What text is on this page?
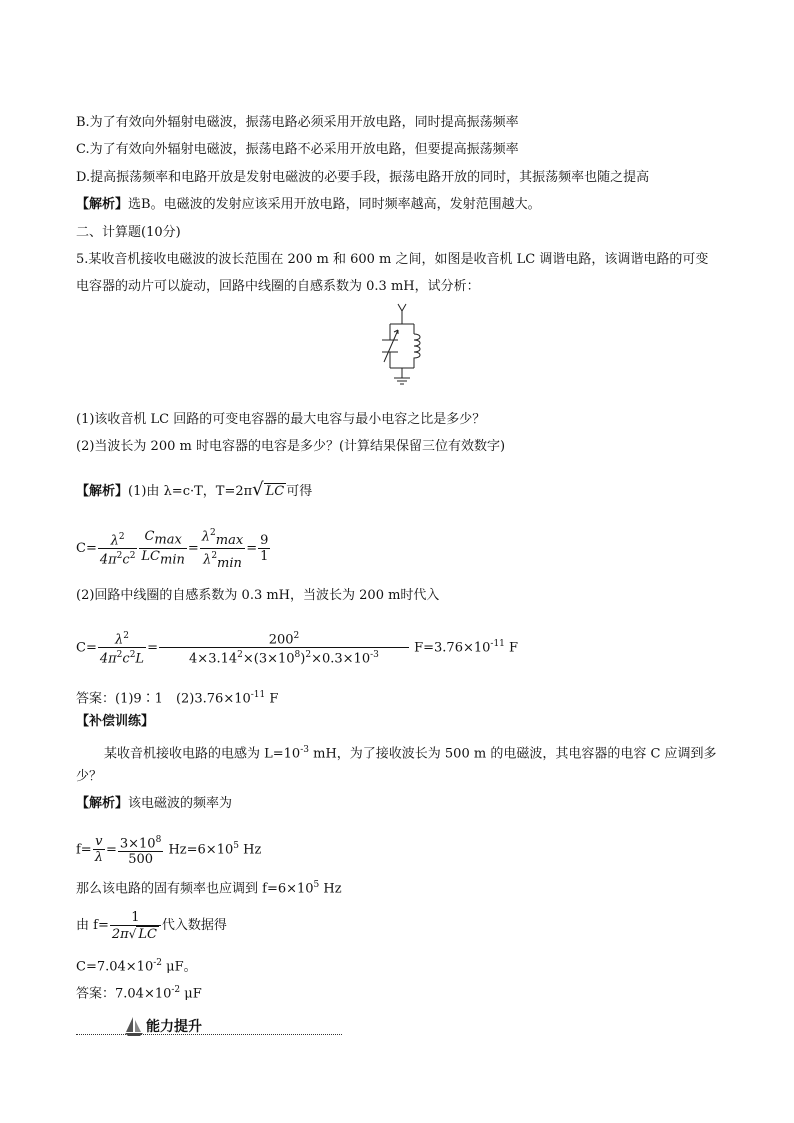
B.为了有效向外辐射电磁波，振荡电路必须采用开放电路，同时提高振荡频率
C.为了有效向外辐射电磁波，振荡电路不必采用开放电路，但要提高振荡频率
D.提高振荡频率和电路开放是发射电磁波的必要手段，振荡电路开放的同时，其振荡频率也随之提高
【解析】选B。电磁波的发射应该采用开放电路，同时频率越高，发射范围越大。
二、计算题(10分)
5.某收音机接收电磁波的波长范围在 200 m 和 600 m 之间，如图是收音机 LC 调谐电路，该调谐电路的可变
电容器的动片可以旋动，回路中线圈的自感系数为 0.3 mH，试分析：
(1)该收音机 LC 回路的可变电容器的最大电容与最小电容之比是多少？
(2)当波长为 200 m 时电容器的电容是多少？(计算结果保留三位有效数字)
【解析】(1)由 λ=c·T，T=2π√ LC 可得
$C= \frac{\lambda^2}{4\pi^2c^2} \frac{C_{max}}{LC_{min}} = \frac{\lambda^2_{max}}{\lambda^2_{min}} = \frac{9}{1}$
(2)回路中线圈的自感系数为 0.3 mH，当波长为 200 m时代入
$C= \frac{\lambda^2}{4\pi^2c^2L} = \frac{200^2}{4\times 3.14^2\times(3\times 10^8)^2\times 0.3\times 10^{-3}} F=3.76\times 10^{-11}$ F
答案：(1)9∶1　$(2)3.76\times 10^{-11}$ F
【补偿训练】
某收音机接收电路的电感为 $L=10^{-3}$ mH，为了接收波长为 500 m 的电磁波，其电容器的电容 C 应调到多
少？
【解析】该电磁波的频率为
$f= \frac{v}{\lambda} = \frac{3\times 10^8}{500} Hz=6\times 10^5$ Hz
那么该电路的固有频率也应调到 $f=6\times 10^5$ Hz
由 $f= \frac{1}{2\pi√ LC}$ 代入数据得
$C=7.04\times 10^{-2}$ μF。
答案：$7.04\times 10^{-2}$ μF
能力提升
